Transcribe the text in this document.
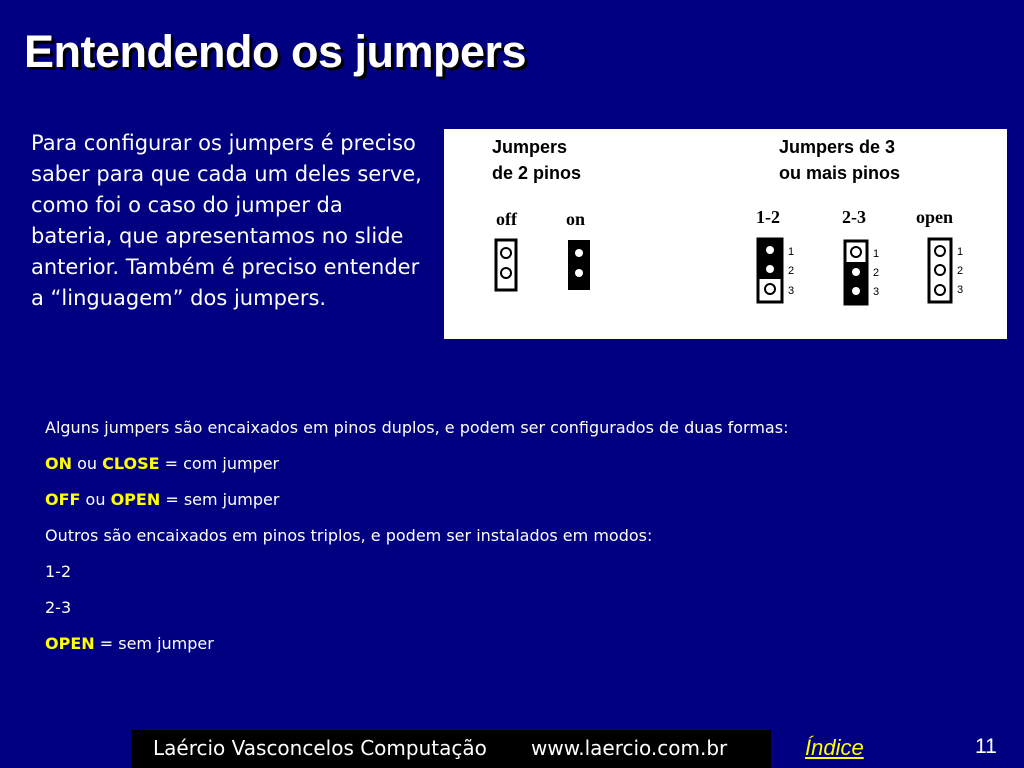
Entendendo os jumpers
Para configurar os jumpers é preciso saber para que cada um deles serve, como foi o caso do jumper da bateria, que apresentamos no slide anterior. Também é preciso entender a “linguagem” dos jumpers.
Jumpers
de 2 pinos
Jumpers de 3
ou mais pinos
off	on	1-2	2-3	open
1
2
3
1
2
3
1
2
3

Alguns jumpers são encaixados em pinos duplos, e podem ser configurados de duas formas:

ON ou CLOSE = com jumper

OFF ou OPEN = sem jumper

Outros são encaixados em pinos triplos, e podem ser instalados em modos:

1-2

2-3

OPEN = sem jumper

Laércio Vasconcelos Computação www.laercio.com.br	Índice	11
